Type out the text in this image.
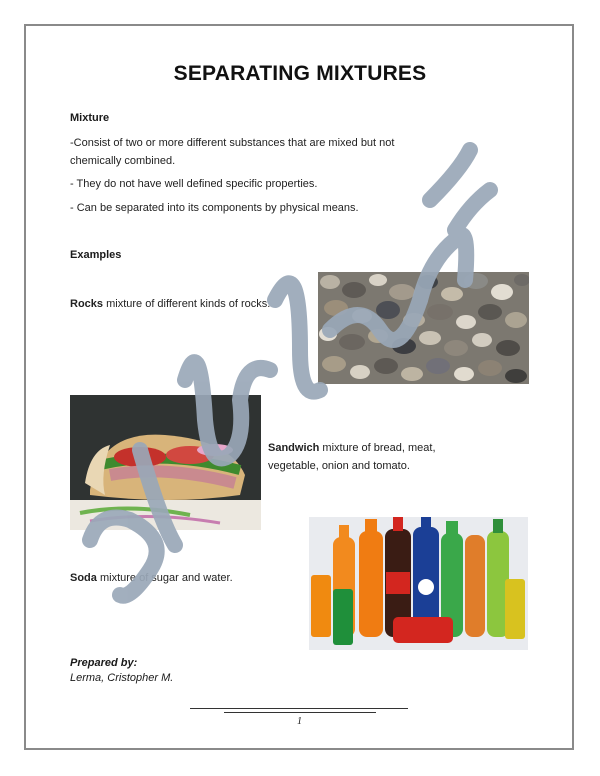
SEPARATING MIXTURES
Mixture
-Consist of two or more different substances that are mixed but not
chemically combined.
- They do not have well defined specific properties.
- Can be separated into its components by physical means.
Examples
Rocks mixture of different kinds of rocks.
Sandwich mixture of bread, meat,
vegetable, onion and tomato.
Soda mixture of sugar and water.
Prepared by:
Lerma, Cristopher M.
1
